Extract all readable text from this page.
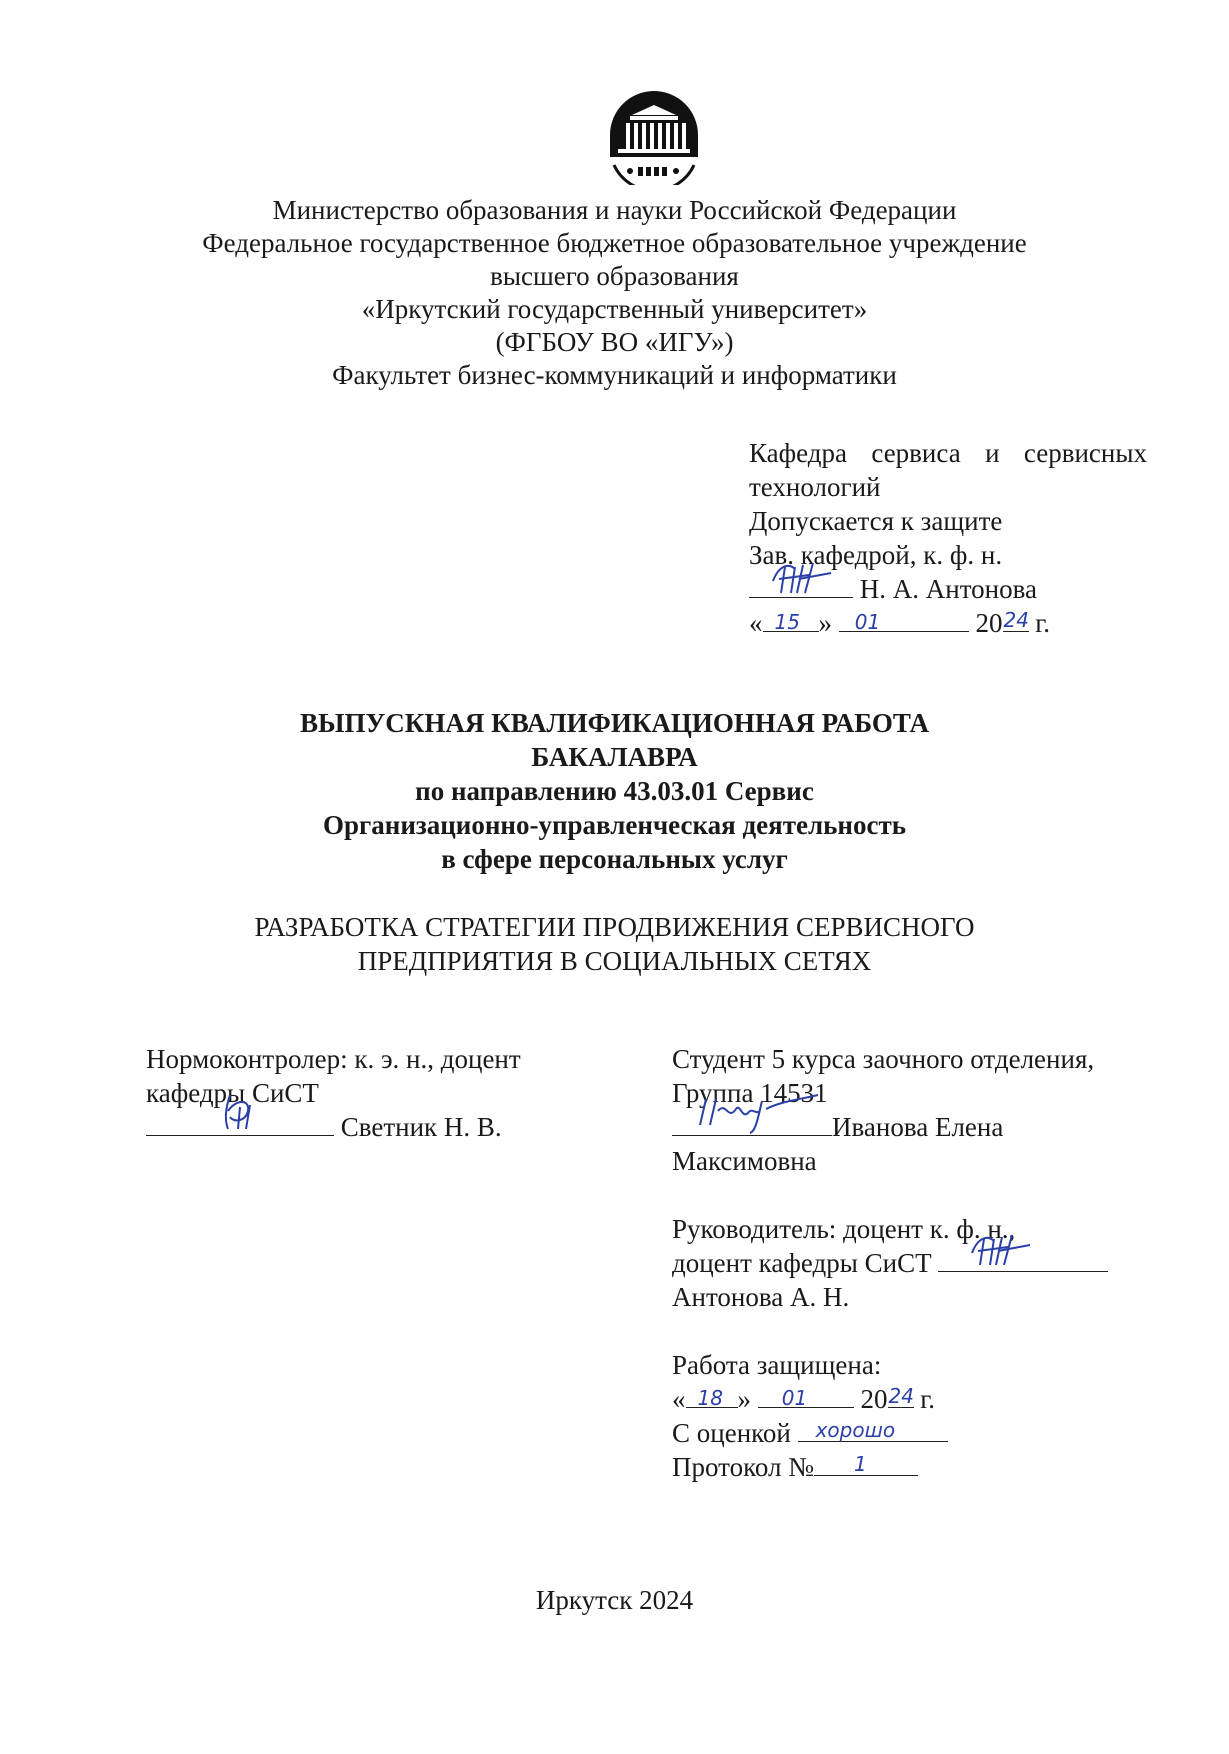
Министерство образования и науки Российской Федерации
Федеральное государственное бюджетное образовательное учреждение
высшего образования
«Иркутский государственный университет»
(ФГБОУ ВО «ИГУ»)
Факультет бизнес-коммуникаций и информатики
Кафедра сервиса и сервисных
технологий
Допускается к защите
Зав. кафедрой, к. ф. н.
Н. А. Антонова
« 15 » 01	20 24 г.
ВЫПУСКНАЯ КВАЛИФИКАЦИОННАЯ РАБОТА
БАКАЛАВРА
по направлению 43.03.01 Сервис
Организационно-управленческая деятельность
в сфере персональных услуг
РАЗРАБОТКА СТРАТЕГИИ ПРОДВИЖЕНИЯ СЕРВИСНОГО
ПРЕДПРИЯТИЯ В СОЦИАЛЬНЫХ СЕТЯХ
Нормоконтролер: к. э. н., доцент
кафедры СиСТ
Светник Н. В.
Студент 5 курса заочного отделения,
Группа 14531
Иванова Елена
Максимовна
Руководитель: доцент к. ф. н.,
доцент кафедры СиСТ
Антонова А. Н.
Работа защищена:
« 18 » 01 20 24 г.
С оценкой хорошо
Протокол № 1
Иркутск 2024
